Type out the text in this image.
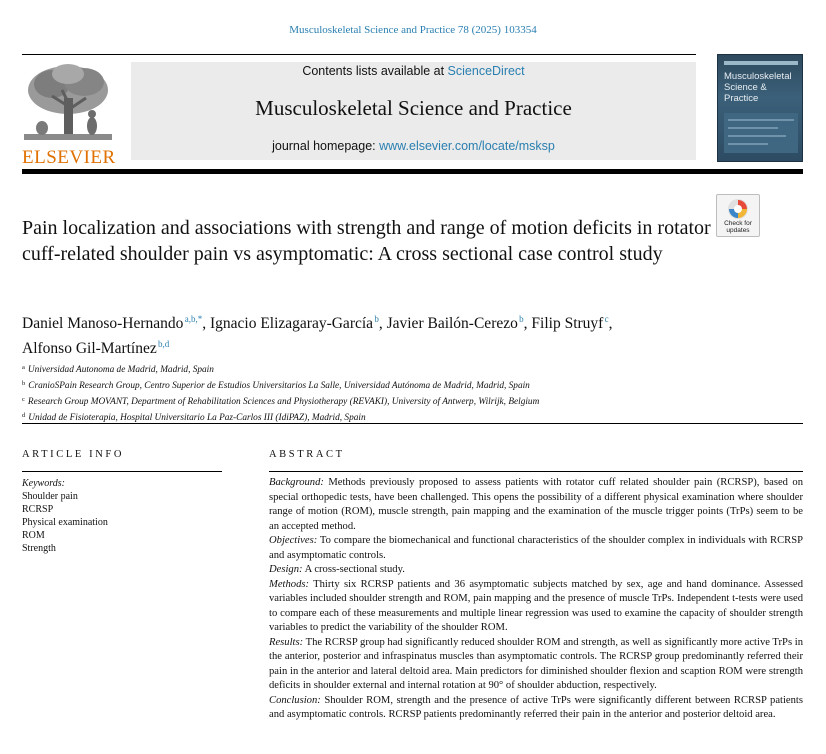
Musculoskeletal Science and Practice 78 (2025) 103354
ELSEVIER
Contents lists available at ScienceDirect
Musculoskeletal Science and Practice
journal homepage: www.elsevier.com/locate/msksp
Musculoskeletal Science & Practice
Check for
updates
Pain localization and associations with strength and range of motion deficits in rotator cuff-related shoulder pain vs asymptomatic: A cross sectional case control study
Daniel Manoso-Hernando $^{a,b,*}$, Ignacio Elizagaray-García $^b$, Javier Bailón-Cerezo $^b$, Filip Struyf $^c$,
Alfonso Gil-Martínez $^{b,d}$
$^a$ Universidad Autonoma de Madrid, Madrid, Spain
$^b$ CranioSPain Research Group, Centro Superior de Estudios Universitarios La Salle, Universidad Autónoma de Madrid, Madrid, Spain
$^c$ Research Group MOVANT, Department of Rehabilitation Sciences and Physiotherapy (REVAKI), University of Antwerp, Wilrijk, Belgium
$^d$ Unidad de Fisioterapia, Hospital Universitario La Paz-Carlos III (IdiPAZ), Madrid, Spain
ARTICLE INFO
Keywords:
Shoulder pain
RCRSP
Physical examination
ROM
Strength
ABSTRACT

Background: Methods previously proposed to assess patients with rotator cuff related shoulder pain (RCRSP), based on special orthopedic tests, have been challenged. This opens the possibility of a different physical examination where shoulder range of motion (ROM), muscle strength, pain mapping and the examination of the muscle trigger points (TrPs) seem to be an accepted method.

Objectives: To compare the biomechanical and functional characteristics of the shoulder complex in individuals with RCRSP and asymptomatic controls.

Design: A cross-sectional study.

Methods: Thirty six RCRSP patients and 36 asymptomatic subjects matched by sex, age and hand dominance. Assessed variables included shoulder strength and ROM, pain mapping and the presence of muscle TrPs. Independent t-tests were used to compare each of these measurements and multiple linear regression was used to examine the capacity of shoulder strength variables to predict the variability of the shoulder ROM.

Results: The RCRSP group had significantly reduced shoulder ROM and strength, as well as significantly more active TrPs in the anterior, posterior and infraspinatus muscles than asymptomatic controls. The RCRSP group predominantly referred their pain in the anterior and lateral deltoid area. Main predictors for diminished shoulder flexion and scaption ROM were strength deficits in shoulder external and internal rotation at 90° of shoulder abduction, respectively.

Conclusion: Shoulder ROM, strength and the presence of active TrPs were significantly different between RCRSP patients and asymptomatic controls. RCRSP patients predominantly referred their pain in the anterior and posterior deltoid area.
